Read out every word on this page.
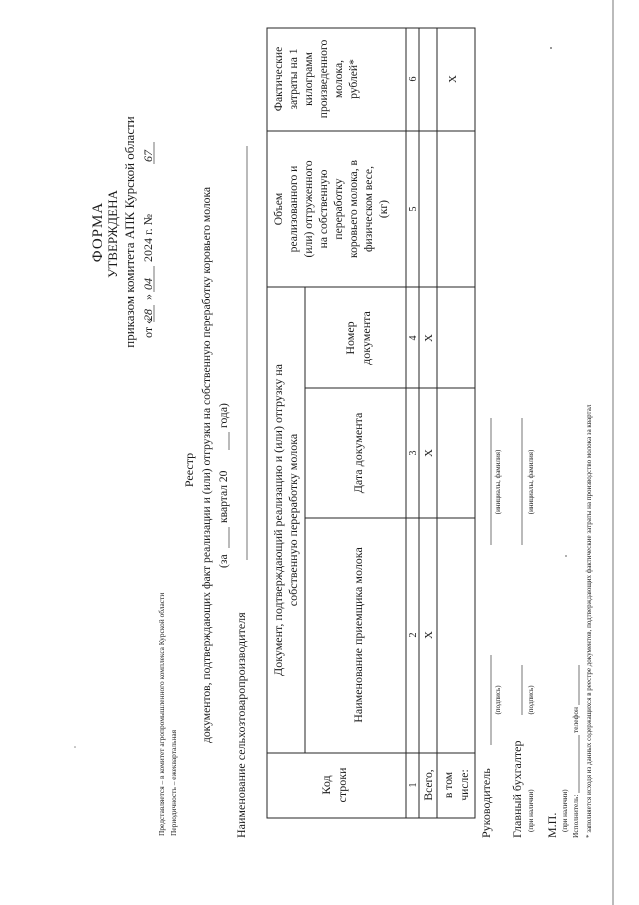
ФОРМА УТВЕРЖДЕНА приказом комитета АПК Курской области от «
28
»
04
2024 г. №
67
Представляется – в комитет агропромышленного комплекса Курской области Периодичность – ежеквартальная
Реестр документов, подтверждающих факт реализации и (или) отгрузки на собственную переработку коровьего молока (за
квартал 20
года)
Наименование сельхозтоваропроизводителя	Код строки
Документ, подтверждающий реализацию и (или) отгрузку на собственную переработку молока
Наименование приемщика молока
Дата документа
Номер документа
Объем реализованного и (или) отгруженного на собственную переработку коровьего молока, в физическом весе, (кг)
Фактические затраты на 1 килограмм произведенного молока, рублей*
1
2
3
4
5
6
Всего,
X
X
X
в том числе:
X
Руководитель
(подпись)
(инициалы, фамилия)
Главный бухгалтер (при наличии)
(подпись)
(инициалы, фамилия)
М.П. (при наличии) Исполнитель:
телефон * заполняется исходя из данных содержащихся в реестре документов, подтверждающих фактические затраты на производство молока за квартал
